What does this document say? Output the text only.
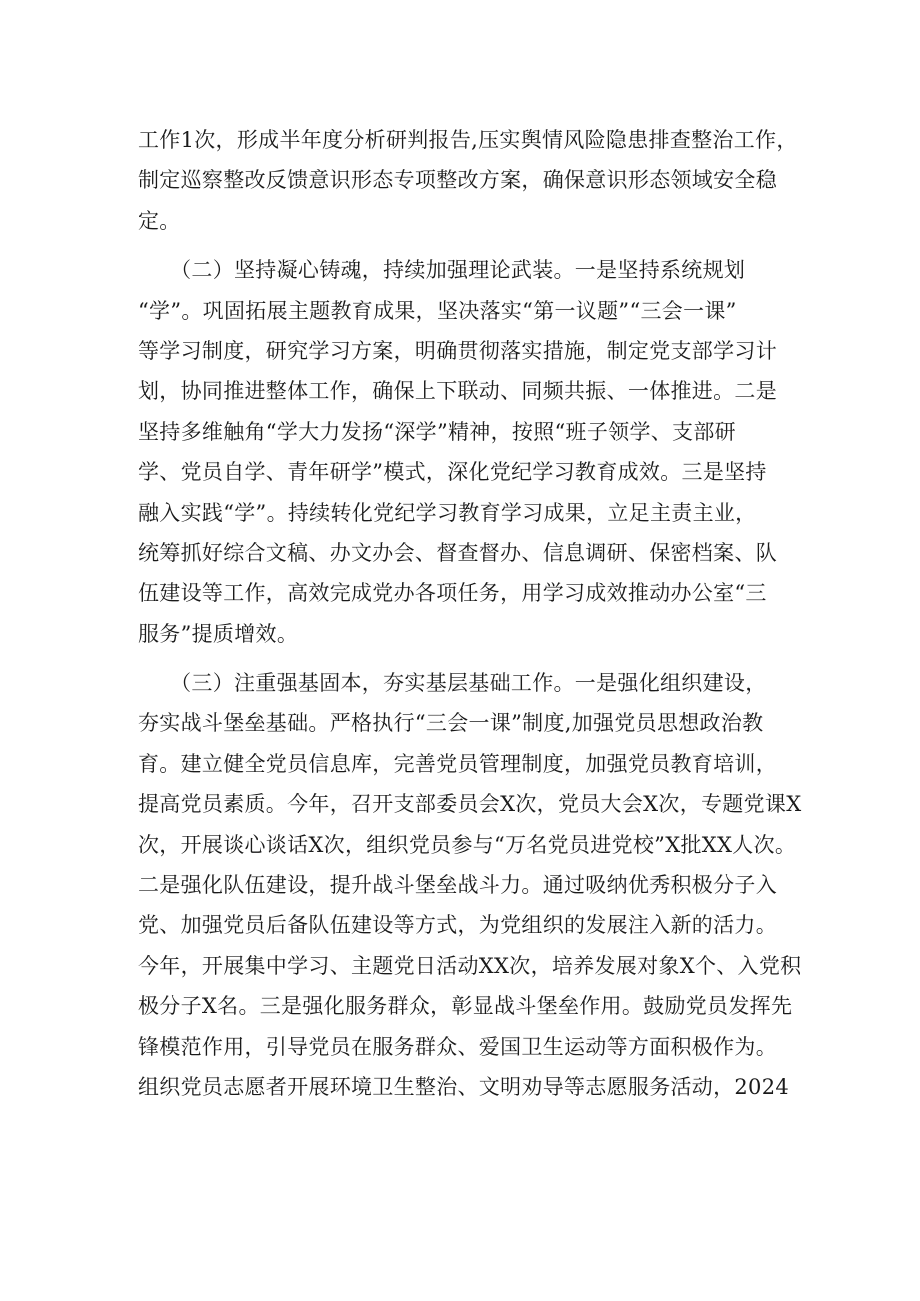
工作1次，形成半年度分析研判报告,压实舆情风险隐患排查整治工作，
制定巡察整改反馈意识形态专项整改方案，确保意识形态领域安全稳
定。
　　（二）坚持凝心铸魂，持续加强理论武装。一是坚持系统规划
“学”。巩固拓展主题教育成果，坚决落实“第一议题”“三会一课”
等学习制度，研究学习方案，明确贯彻落实措施，制定党支部学习计
划，协同推进整体工作，确保上下联动、同频共振、一体推进。二是
坚持多维触角“学大力发扬“深学”精神，按照“班子领学、支部研
学、党员自学、青年研学”模式，深化党纪学习教育成效。三是坚持
融入实践“学”。持续转化党纪学习教育学习成果，立足主责主业，
统筹抓好综合文稿、办文办会、督查督办、信息调研、保密档案、队
伍建设等工作，高效完成党办各项任务，用学习成效推动办公室“三
服务”提质增效。
　　（三）注重强基固本，夯实基层基础工作。一是强化组织建设，
夯实战斗堡垒基础。严格执行“三会一课”制度,加强党员思想政治教
育。建立健全党员信息库，完善党员管理制度，加强党员教育培训，
提高党员素质。今年，召开支部委员会X次，党员大会X次，专题党课X
次，开展谈心谈话X次，组织党员参与“万名党员进党校”X批XX人次。
二是强化队伍建设，提升战斗堡垒战斗力。通过吸纳优秀积极分子入
党、加强党员后备队伍建设等方式，为党组织的发展注入新的活力。
今年，开展集中学习、主题党日活动XX次，培养发展对象X个、入党积
极分子X名。三是强化服务群众，彰显战斗堡垒作用。鼓励党员发挥先
锋模范作用，引导党员在服务群众、爱国卫生运动等方面积极作为。
组织党员志愿者开展环境卫生整治、文明劝导等志愿服务活动，2024
